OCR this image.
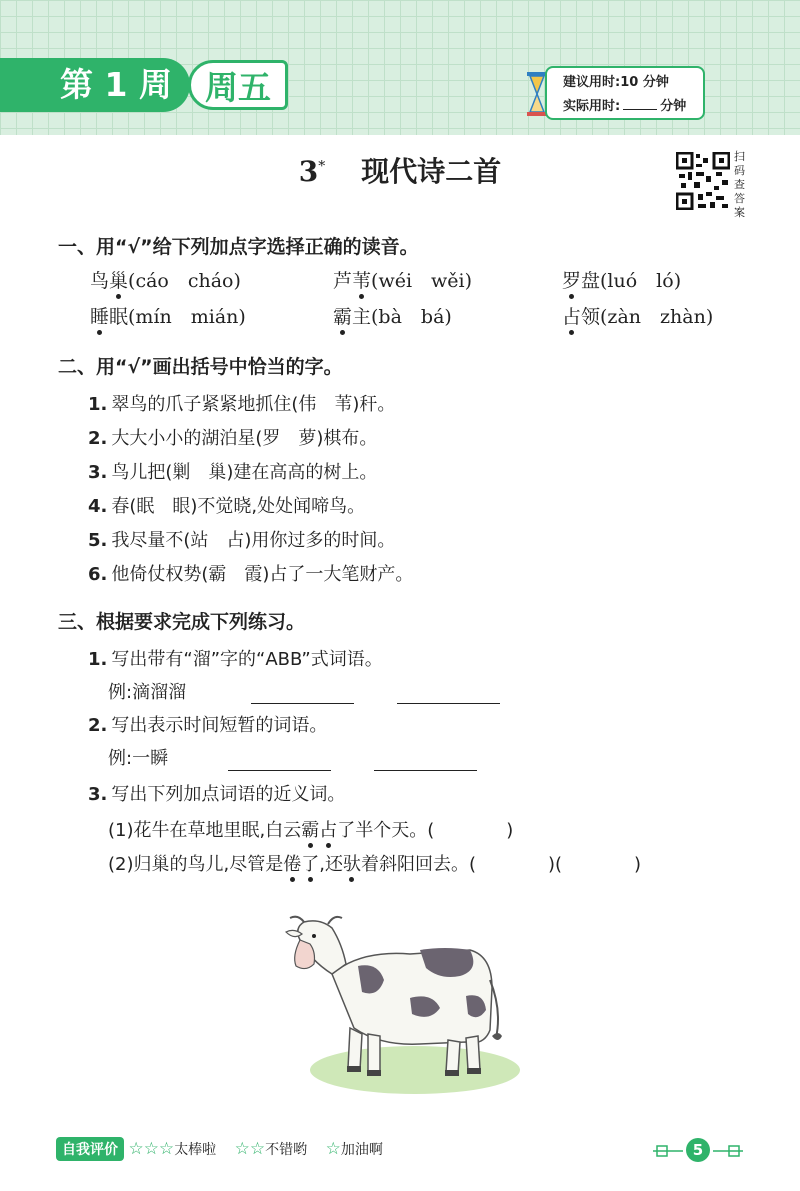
第 1 周	周五	建议用时:10 分钟
实际用时:	分钟
扫码查答案
3* 现代诗二首
一、用“√”给下列加点字选择正确的读音。
鸟巢(cáo　cháo)	芦苇(wéi　wěi)	罗盘(luó　ló)
睡眠(mín　mián)	霸主(bà　bá)	占领(zàn　zhàn)
二、用“√”画出括号中恰当的字。
1. 翠鸟的爪子紧紧地抓住(伟　苇)秆。
2. 大大小小的湖泊星(罗　萝)棋布。
3. 鸟儿把(剿　巢)建在高高的树上。
4. 春(眠　眼)不觉晓,处处闻啼鸟。
5. 我尽量不(站　占)用你过多的时间。
6. 他倚仗权势(霸　霞)占了一大笔财产。
三、根据要求完成下列练习。
1. 写出带有“溜”字的“ABB”式词语。
例:滴溜溜
2. 写出表示时间短暂的词语。
例:一瞬
3. 写出下列加点词语的近义词。
(1)花牛在草地里眠,白云霸占了半个天。(　　　　)
(2)归巢的鸟儿,尽管是倦了,还驮着斜阳回去。(　　　　)(　　　　)
自我评价 ☆☆☆太棒啦 ☆☆不错哟 ☆加油啊	5
